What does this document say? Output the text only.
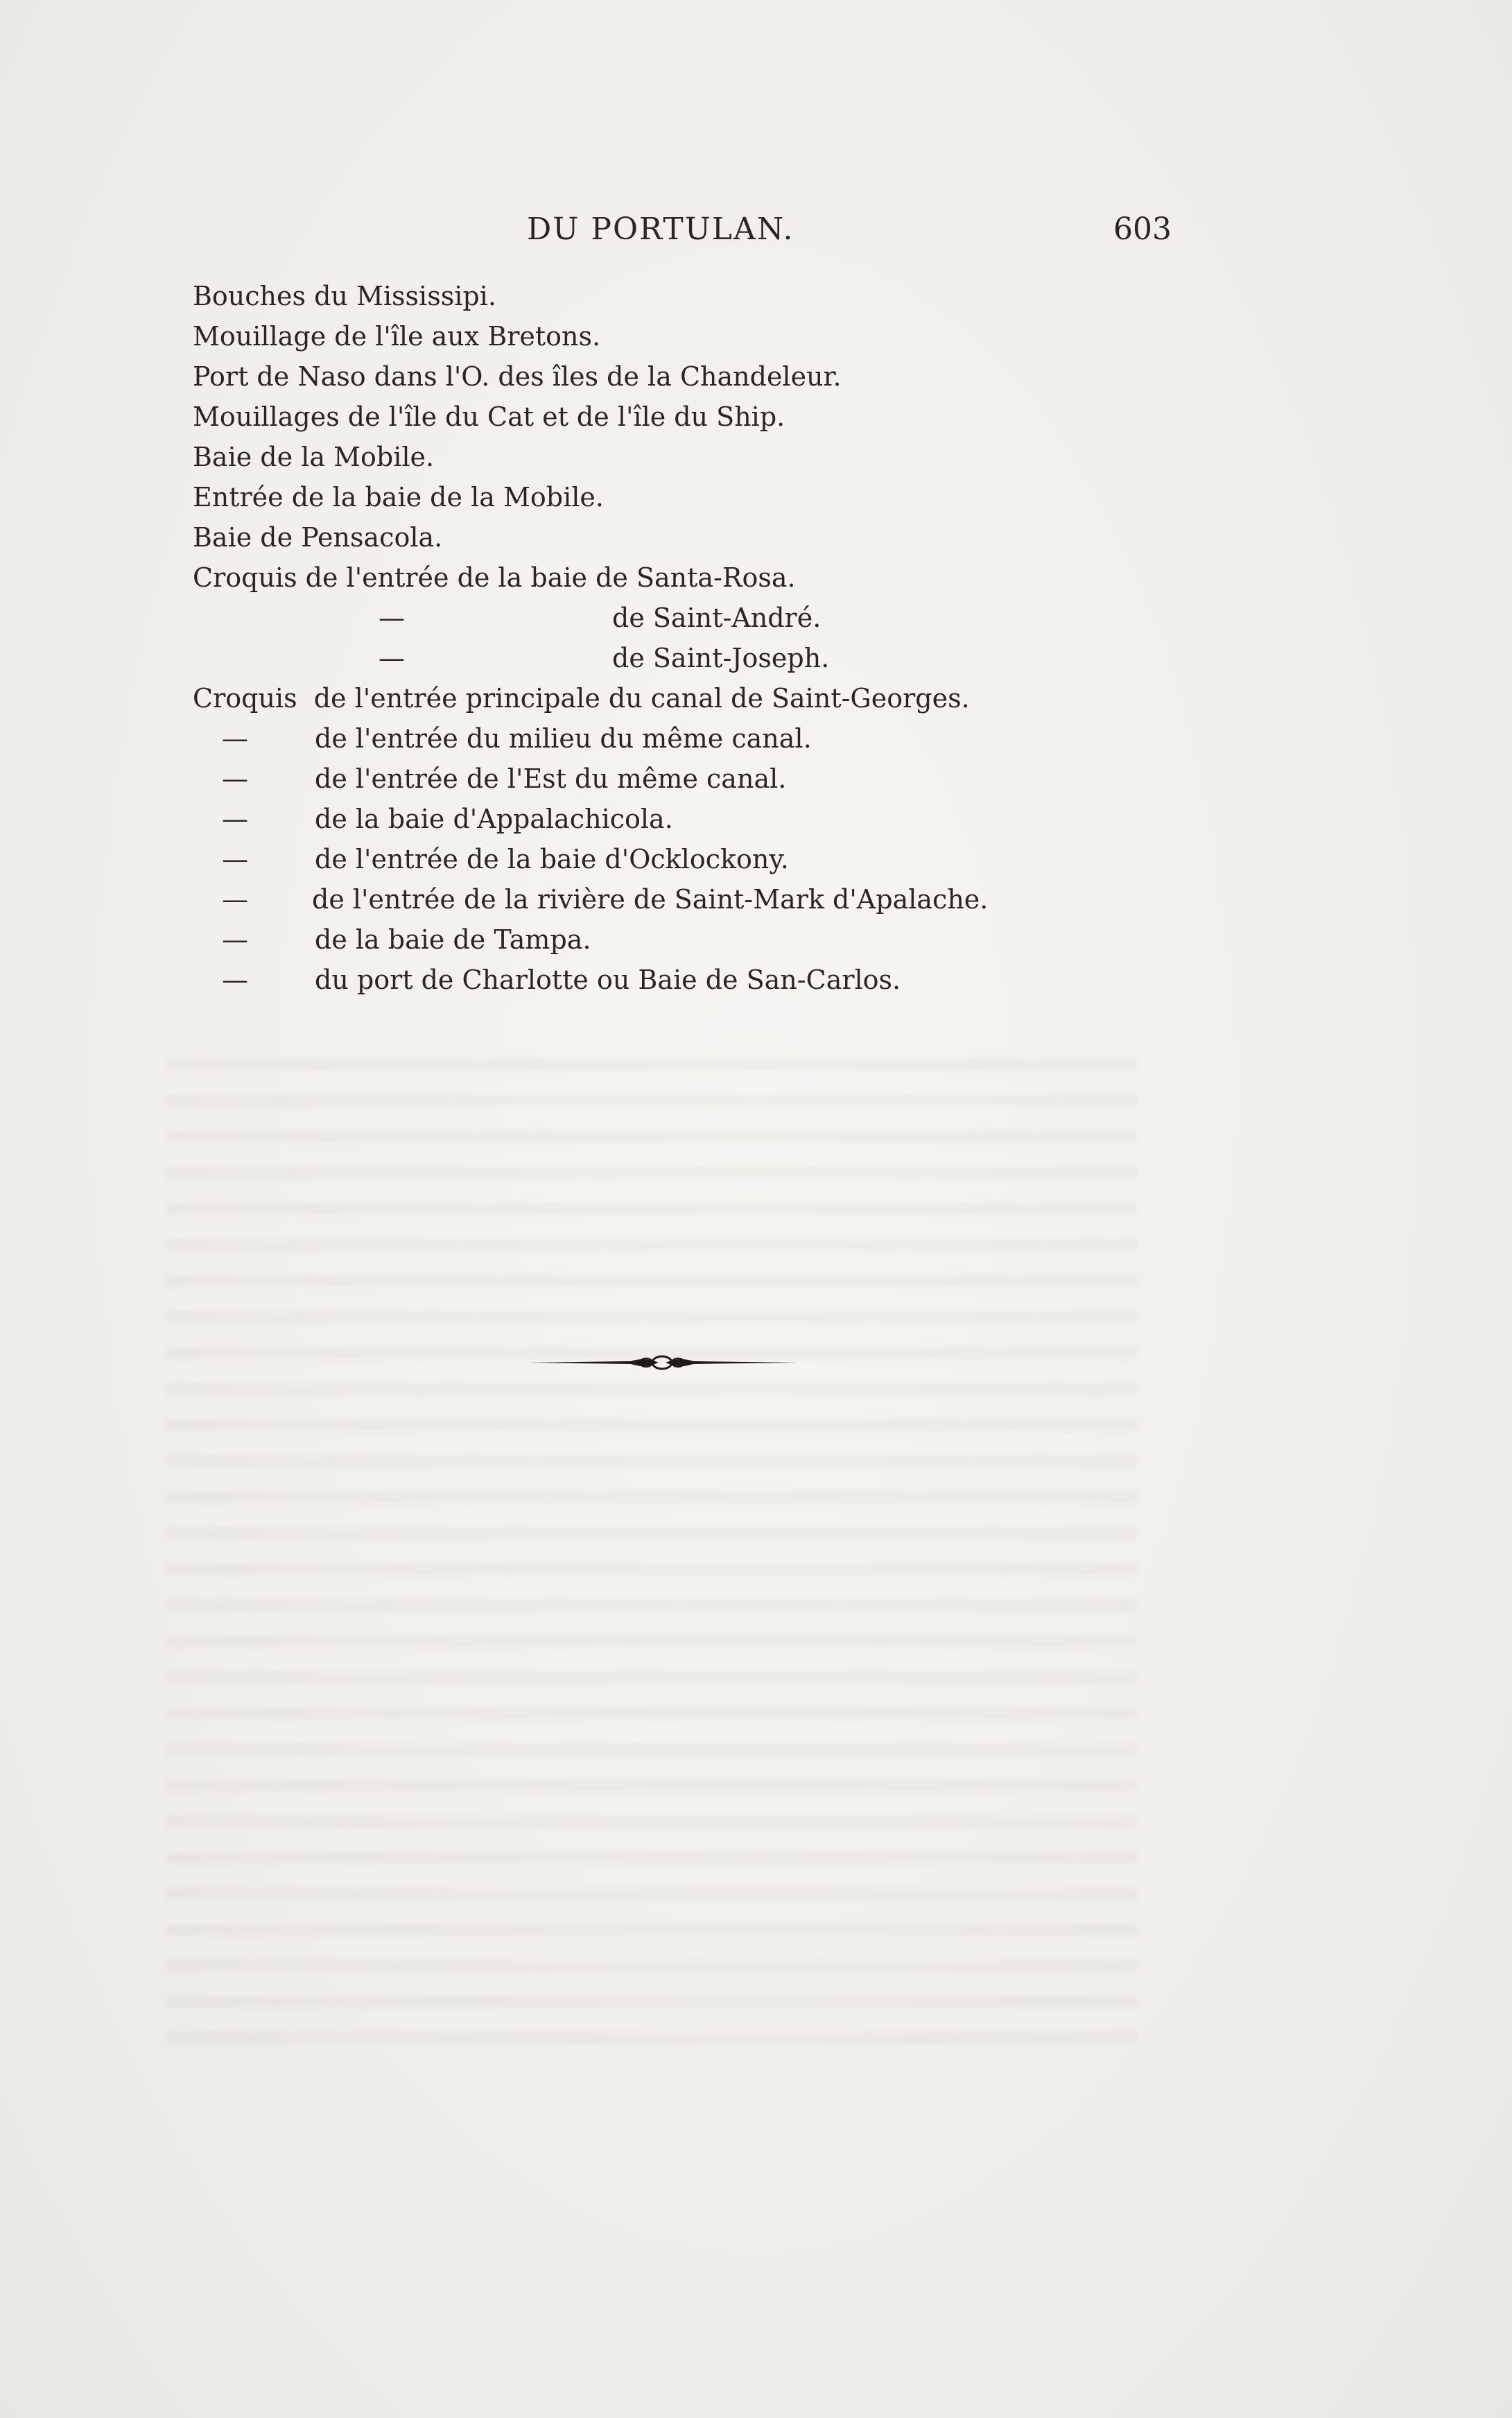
DU PORTULAN.	603
Bouches du Mississipi.
Mouillage de l'île aux Bretons.
Port de Naso dans l'O. des îles de la Chandeleur.
Mouillages de l'île du Cat et de l'île du Ship.
Baie de la Mobile.
Entrée de la baie de la Mobile.
Baie de Pensacola.
Croquis de l'entrée de la baie de Santa-Rosa.
—	de Saint-André.
—	de Saint-Joseph.
Croquis  de l'entrée principale du canal de Saint-Georges.
—	de l'entrée du milieu du même canal.
—	de l'entrée de l'Est du même canal.
—	de la baie d'Appalachicola.
—	de l'entrée de la baie d'Ocklockony.
— de l'entrée de la rivière de Saint-Mark d'Apalache.
—	de la baie de Tampa.
—	du port de Charlotte ou Baie de San-Carlos.
